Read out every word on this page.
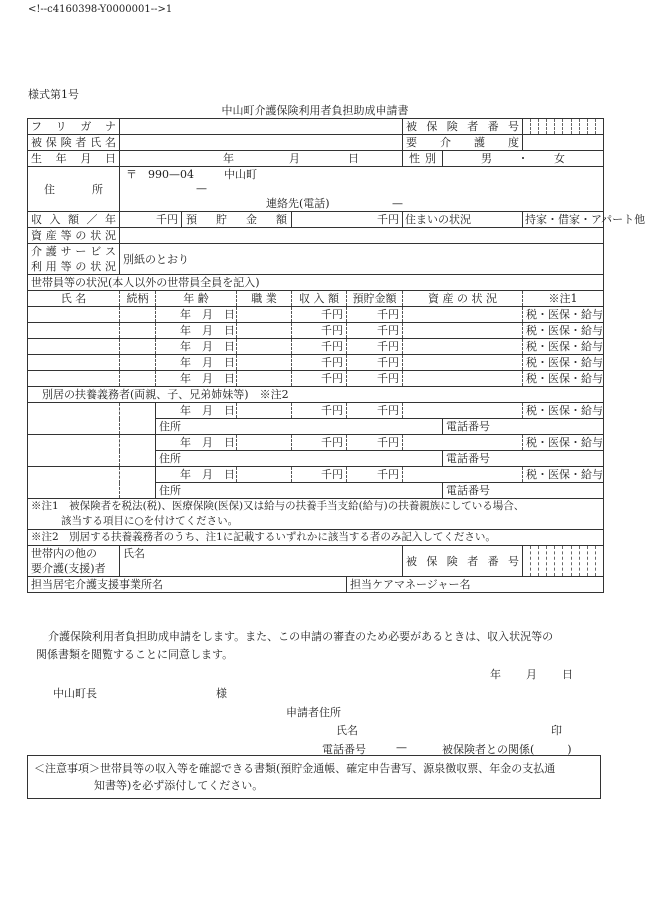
<!--c4160398-Y0000001-->1
様式第1号
中山町介護保険利用者負担助成申請書
フ リ ガ ナ							被保険者番号		

被保険者氏名							要 介 護 度		
生 年 月 日	年 月 日						性 別	男 ・ 女	
住 所	〒　990—04 中山町
—
連絡先(電話) —								

収入額／年	千円		預 貯 金 額		千円		住まいの状況		持家・借家・アパート他
資産等の状況									

介護サービス
利用等の状況	別紙のとおり								
世帯員等の状況(本人以外の世帯員全員を記入)									
氏 名	続柄	年 齢		職 業	収 入 額	預貯金額	資 産 の 状 況		※注1
		年　月　日			千円	千円			税・医保・給与
		年　月　日			千円	千円			税・医保・給与
		年　月　日			千円	千円			税・医保・給与
		年　月　日			千円	千円			税・医保・給与
		年　月　日			千円	千円			税・医保・給与
別居の扶養義務者(両親、子、兄弟姉妹等)　※注2									
		年　月　日			千円	千円			税・医保・給与
		住所						電話番号	
		年　月　日			千円	千円			税・医保・給与
		住所						電話番号	
		年　月　日			千円	千円			税・医保・給与
		住所						電話番号	

※注1　被保険者を税法(税)、医療保険(医保)又は給与の扶養手当支給(給与)の扶養親族にしている場合、
該当する項目に○を付けてください。									

※注2　別居する扶養義務者のうち、注1に記載するいずれかに該当する者のみ記入してください。									

世帯内の他の
要介護(支援)者	氏名						被保険者番号		

担当居宅介護支援事業所名						担当ケアマネージャー名			
介護保険利用者負担助成申請をします。また、この申請の審査のため必要があるときは、収入状況等の
関係書類を閲覧することに同意します。
年 月 日
中山町長	様
申請者住所
氏名	印
電話番号	—	被保険者との関係(　　　)
＜注意事項＞世帯員等の収入等を確認できる書類(預貯金通帳、確定申告書写、源泉徴収票、年金の支払通
知書等)を必ず添付してください。
